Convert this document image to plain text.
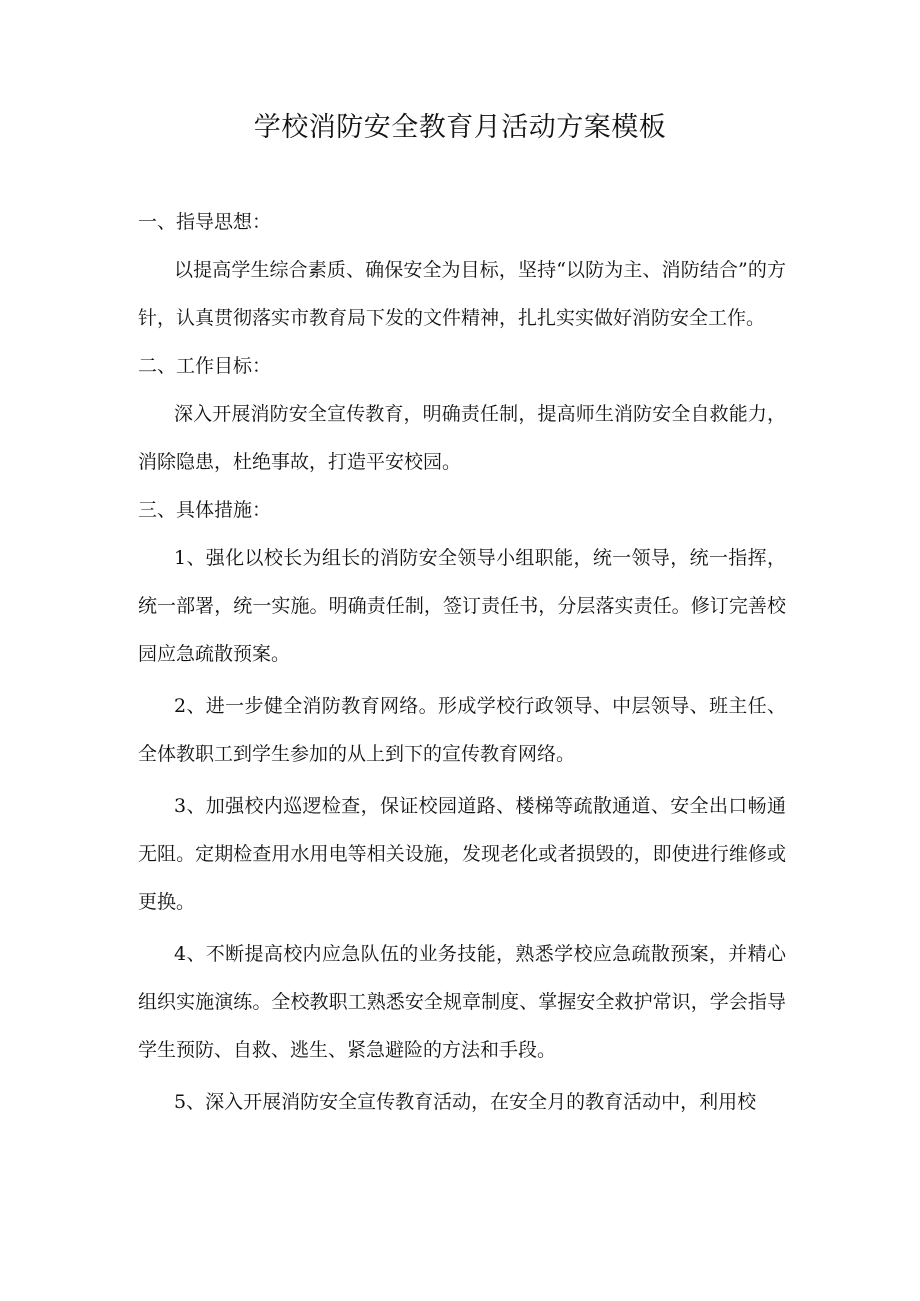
学校消防安全教育月活动方案模板

一、指导思想：

以提高学生综合素质、确保安全为目标，坚持“以防为主、消防结合”的方针，认真贯彻落实市教育局下发的文件精神，扎扎实实做好消防安全工作。

二、工作目标：

深入开展消防安全宣传教育，明确责任制，提高师生消防安全自救能力，消除隐患，杜绝事故，打造平安校园。

三、具体措施：

1、强化以校长为组长的消防安全领导小组职能，统一领导，统一指挥，统一部署，统一实施。明确责任制，签订责任书，分层落实责任。修订完善校园应急疏散预案。

2、进一步健全消防教育网络。形成学校行政领导、中层领导、班主任、全体教职工到学生参加的从上到下的宣传教育网络。

3、加强校内巡逻检查，保证校园道路、楼梯等疏散通道、安全出口畅通无阻。定期检查用水用电等相关设施，发现老化或者损毁的，即使进行维修或更换。

4、不断提高校内应急队伍的业务技能，熟悉学校应急疏散预案，并精心组织实施演练。全校教职工熟悉安全规章制度、掌握安全救护常识，学会指导学生预防、自救、逃生、紧急避险的方法和手段。

5、深入开展消防安全宣传教育活动，在安全月的教育活动中，利用校
